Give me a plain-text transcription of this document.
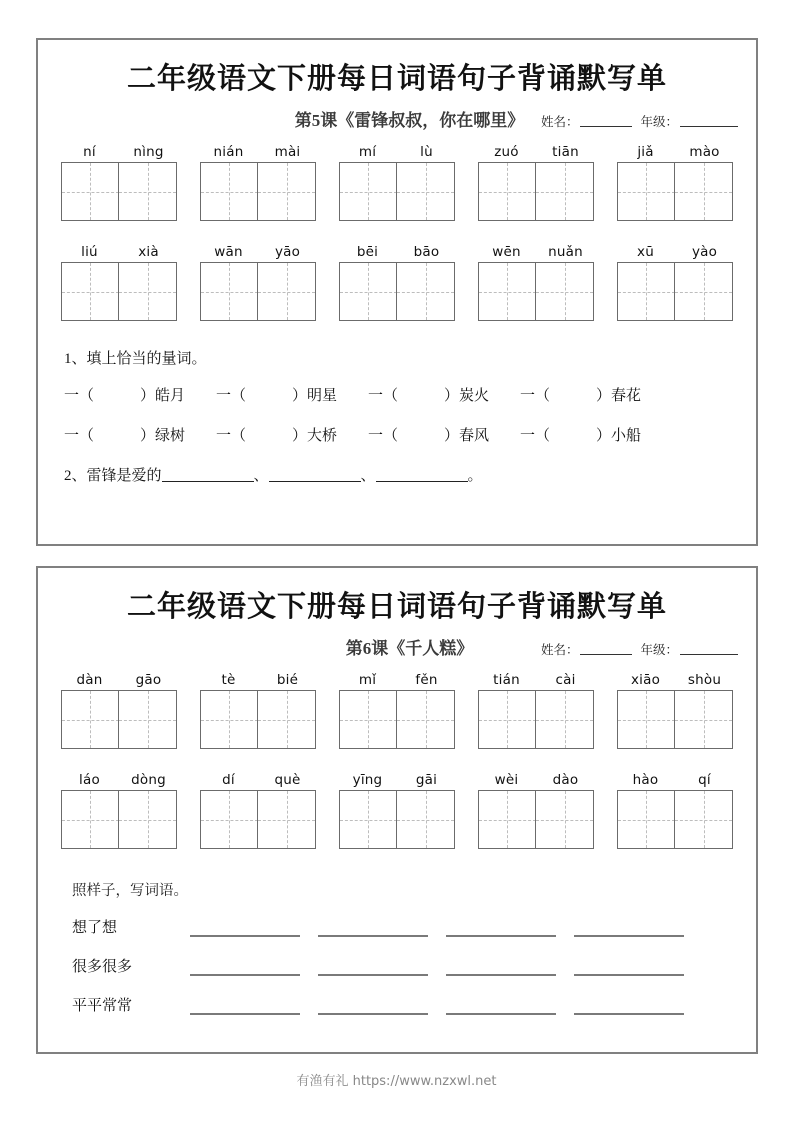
二年级语文下册每日词语句子背诵默写单
第5课《雷锋叔叔，你在哪里》	姓名：	年级：
ní	nìng	nián	mài	mí	lù	zuó	tiān	jiǎ	mào
liú	xià	wān	yāo	bēi	bāo	wēn	nuǎn	xū	yào
1、填上恰当的量词。
一（	）皓月	一（	）明星	一（	）炭火	一（	）春花
一（	）绿树	一（	）大桥	一（	）春风	一（	）小船
2、雷锋是爱的	、	、	。
二年级语文下册每日词语句子背诵默写单
第6课《千人糕》	姓名：	年级：
dàn	gāo	tè	bié	mǐ	fěn	tián	cài	xiāo	shòu
láo	dòng	dí	què	yīng	gāi	wèi	dào	hào	qí
照样子，写词语。
想了想
很多很多
平平常常
有渔有礼 https://www.nzxwl.net
